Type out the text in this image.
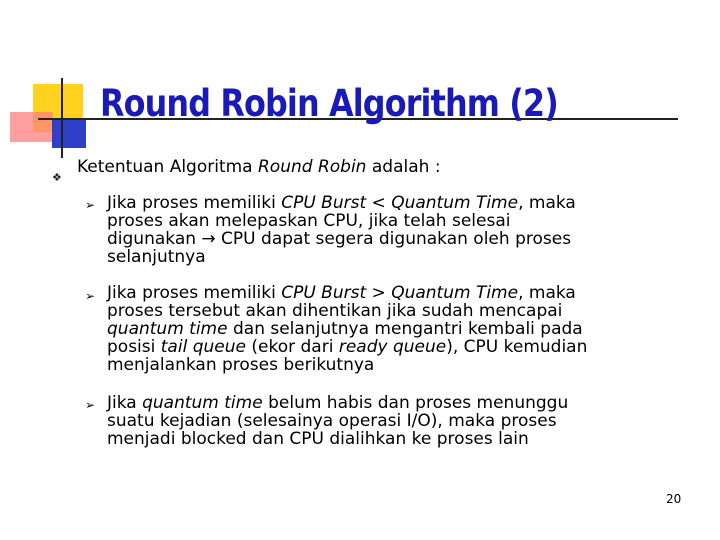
Round Robin Algorithm (2)
❖
Ketentuan Algoritma Round Robin adalah :
➢ Jika proses memiliki CPU Burst < Quantum Time, maka
proses akan melepaskan CPU, jika telah selesai
digunakan → CPU dapat segera digunakan oleh proses
selanjutnya
➢ Jika proses memiliki CPU Burst > Quantum Time, maka
proses tersebut akan dihentikan jika sudah mencapai
quantum time dan selanjutnya mengantri kembali pada
posisi tail queue (ekor dari ready queue), CPU kemudian
menjalankan proses berikutnya
➢ Jika quantum time belum habis dan proses menunggu
suatu kejadian (selesainya operasi I/O), maka proses
menjadi blocked dan CPU dialihkan ke proses lain
20
